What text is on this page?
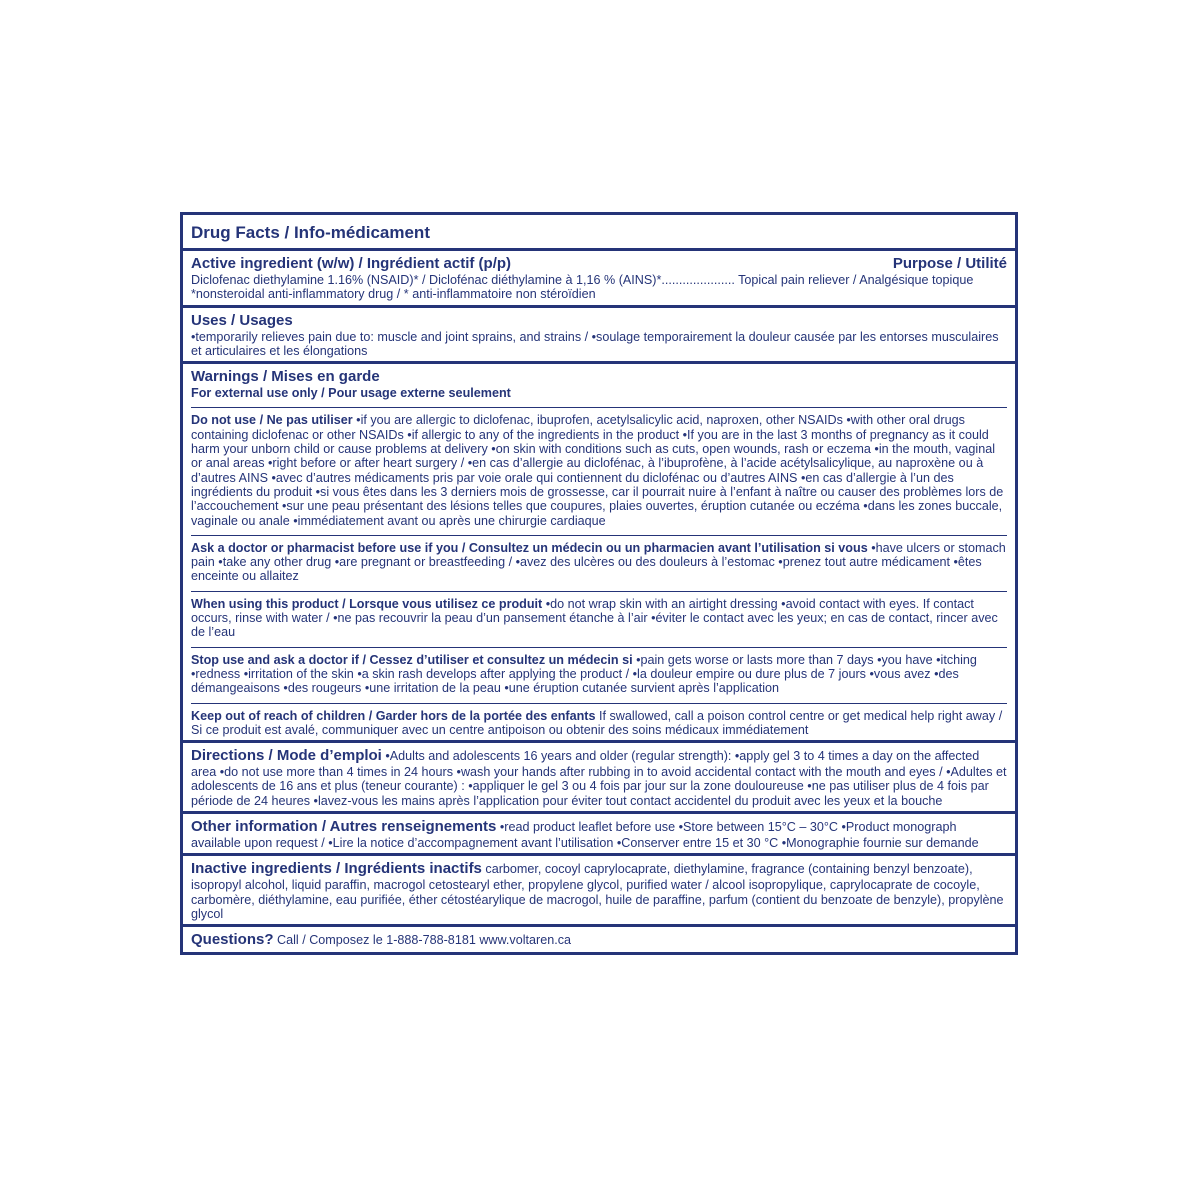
Drug Facts / Info-médicament
Active ingredient (w/w) / Ingrédient actif (p/p)	Purpose / Utilité
Diclofenac diethylamine 1.16% (NSAID)* / Diclofénac diéthylamine à 1,16 % (AINS)*..................... Topical pain reliever / Analgésique topique
*nonsteroidal anti-inflammatory drug / * anti-inflammatoire non stéroïdien
Uses / Usages
•temporarily relieves pain due to: muscle and joint sprains, and strains / •soulage temporairement la douleur causée par les entorses musculaires et articulaires et les élongations
Warnings / Mises en garde
For external use only / Pour usage externe seulement
Do not use / Ne pas utiliser •if you are allergic to diclofenac, ibuprofen, acetylsalicylic acid, naproxen, other NSAIDs •with other oral drugs containing diclofenac or other NSAIDs •if allergic to any of the ingredients in the product •If you are in the last 3 months of pregnancy as it could harm your unborn child or cause problems at delivery •on skin with conditions such as cuts, open wounds, rash or eczema •in the mouth, vaginal or anal areas •right before or after heart surgery / •en cas d’allergie au diclofénac, à l’ibuprofène, à l’acide acétylsalicylique, au naproxène ou à d’autres AINS •avec d’autres médicaments pris par voie orale qui contiennent du diclofénac ou d’autres AINS •en cas d’allergie à l’un des ingrédients du produit •si vous êtes dans les 3 derniers mois de grossesse, car il pourrait nuire à l’enfant à naître ou causer des problèmes lors de l’accouchement •sur une peau présentant des lésions telles que coupures, plaies ouvertes, éruption cutanée ou eczéma •dans les zones buccale, vaginale ou anale •immédiatement avant ou après une chirurgie cardiaque
Ask a doctor or pharmacist before use if you / Consultez un médecin ou un pharmacien avant l’utilisation si vous •have ulcers or stomach pain •take any other drug •are pregnant or breastfeeding / •avez des ulcères ou des douleurs à l’estomac •prenez tout autre médicament •êtes enceinte ou allaitez
When using this product / Lorsque vous utilisez ce produit •do not wrap skin with an airtight dressing •avoid contact with eyes. If contact occurs, rinse with water / •ne pas recouvrir la peau d’un pansement étanche à l’air •éviter le contact avec les yeux; en cas de contact, rincer avec de l’eau
Stop use and ask a doctor if / Cessez d’utiliser et consultez un médecin si •pain gets worse or lasts more than 7 days •you have •itching •redness •irritation of the skin •a skin rash develops after applying the product / •la douleur empire ou dure plus de 7 jours •vous avez •des démangeaisons •des rougeurs •une irritation de la peau •une éruption cutanée survient après l’application
Keep out of reach of children / Garder hors de la portée des enfants If swallowed, call a poison control centre or get medical help right away / Si ce produit est avalé, communiquer avec un centre antipoison ou obtenir des soins médicaux immédiatement
Directions / Mode d’emploi •Adults and adolescents 16 years and older (regular strength): •apply gel 3 to 4 times a day on the affected area •do not use more than 4 times in 24 hours •wash your hands after rubbing in to avoid accidental contact with the mouth and eyes / •Adultes et adolescents de 16 ans et plus (teneur courante) : •appliquer le gel 3 ou 4 fois par jour sur la zone douloureuse •ne pas utiliser plus de 4 fois par période de 24 heures •lavez-vous les mains après l’application pour éviter tout contact accidentel du produit avec les yeux et la bouche
Other information / Autres renseignements •read product leaflet before use •Store between 15°C – 30°C •Product monograph available upon request / •Lire la notice d’accompagnement avant l’utilisation •Conserver entre 15 et 30 °C •Monographie fournie sur demande
Inactive ingredients / Ingrédients inactifs carbomer, cocoyl caprylocaprate, diethylamine, fragrance (containing benzyl benzoate), isopropyl alcohol, liquid paraffin, macrogol cetostearyl ether, propylene glycol, purified water / alcool isopropylique, caprylocaprate de cocoyle, carbomère, diéthylamine, eau purifiée, éther cétostéarylique de macrogol, huile de paraffine, parfum (contient du benzoate de benzyle), propylène glycol
Questions? Call / Composez le 1-888-788-8181 www.voltaren.ca
